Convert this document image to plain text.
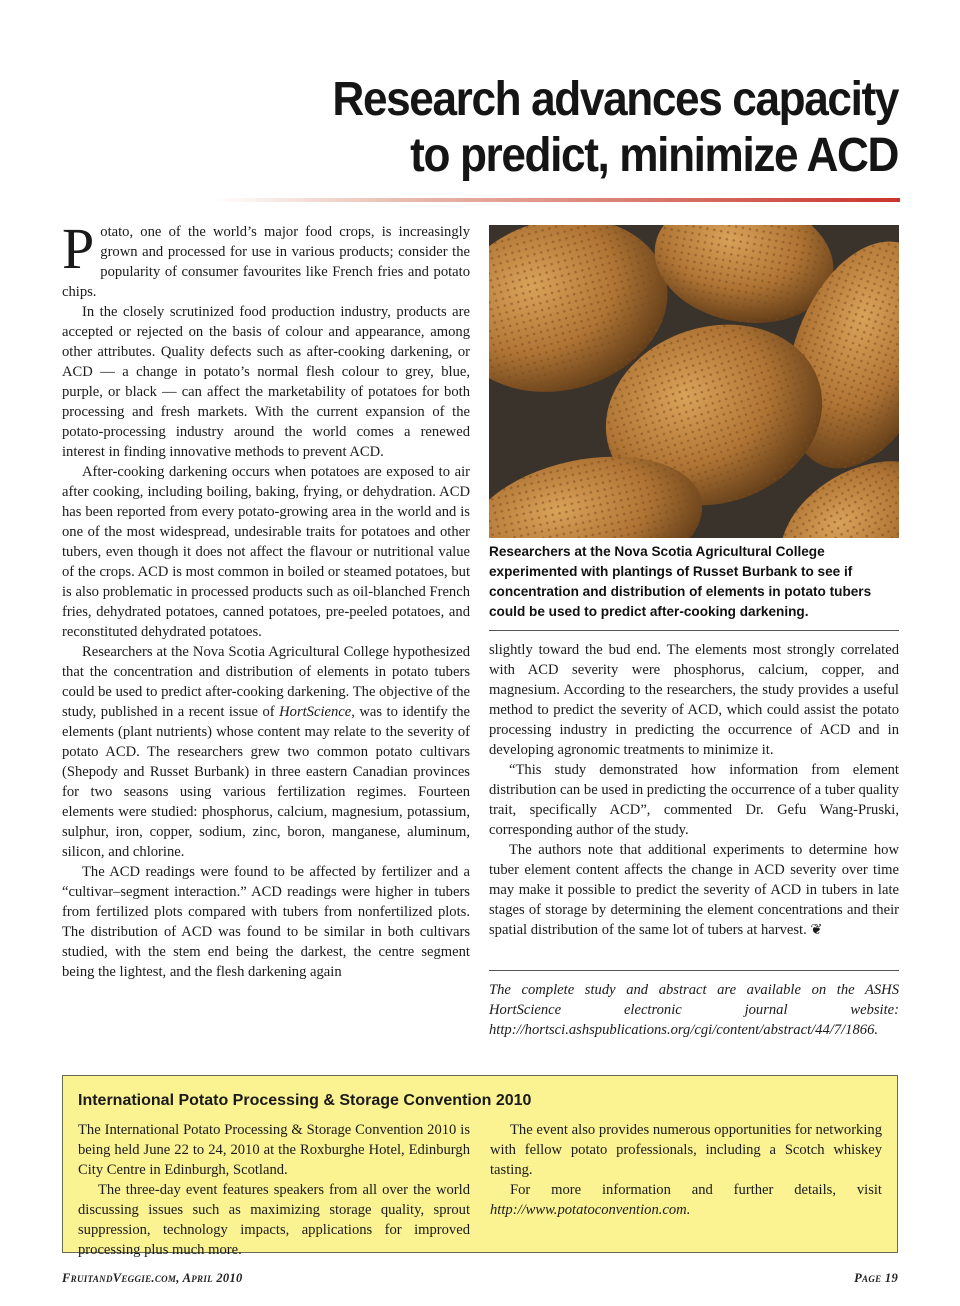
Research advances capacity
to predict, minimize ACD

Potato, one of the world’s major food crops, is increasingly grown and processed for use in various products; consider the popularity of consumer favourites like French fries and potato chips.

In the closely scrutinized food production industry, products are accepted or rejected on the basis of colour and appearance, among other attributes. Quality defects such as after-cooking darkening, or ACD — a change in potato’s normal flesh colour to grey, blue, purple, or black — can affect the marketability of potatoes for both processing and fresh markets. With the current expansion of the potato-processing industry around the world comes a renewed interest in finding innovative methods to prevent ACD.

After-cooking darkening occurs when potatoes are exposed to air after cooking, including boiling, baking, frying, or dehydration. ACD has been reported from every potato-growing area in the world and is one of the most widespread, undesirable traits for potatoes and other tubers, even though it does not affect the flavour or nutritional value of the crops. ACD is most common in boiled or steamed potatoes, but is also problematic in processed products such as oil-blanched French fries, dehydrated potatoes, canned potatoes, pre-peeled potatoes, and reconstituted dehydrated potatoes.

Researchers at the Nova Scotia Agricultural College hypothesized that the concentration and distribution of elements in potato tubers could be used to predict after-cooking darkening. The objective of the study, published in a recent issue of HortScience, was to identify the elements (plant nutrients) whose content may relate to the severity of potato ACD. The researchers grew two common potato cultivars (Shepody and Russet Burbank) in three eastern Canadian provinces for two seasons using various fertilization regimes. Fourteen elements were studied: phosphorus, calcium, magnesium, potassium, sulphur, iron, copper, sodium, zinc, boron, manganese, aluminum, silicon, and chlorine.

The ACD readings were found to be affected by fertilizer and a “cultivar–segment interaction.” ACD readings were higher in tubers from fertilized plots compared with tubers from nonfertilized plots. The distribution of ACD was found to be similar in both cultivars studied, with the stem end being the darkest, the centre segment being the lightest, and the flesh darkening again

Researchers at the Nova Scotia Agricultural College experimented with plantings of Russet Burbank to see if concentration and distribution of elements in potato tubers could be used to predict after-cooking darkening.

slightly toward the bud end. The elements most strongly correlated with ACD severity were phosphorus, calcium, copper, and magnesium. According to the researchers, the study provides a useful method to predict the severity of ACD, which could assist the potato processing industry in predicting the occurrence of ACD and in developing agronomic treatments to minimize it.

“This study demonstrated how information from element distribution can be used in predicting the occurrence of a tuber quality trait, specifically ACD”, commented Dr. Gefu Wang-Pruski, corresponding author of the study.

The authors note that additional experiments to determine how tuber element content affects the change in ACD severity over time may make it possible to predict the severity of ACD in tubers in late stages of storage by determining the element concentrations and their spatial distribution of the same lot of tubers at harvest. ❦

The complete study and abstract are available on the ASHS HortScience electronic journal website: http://hortsci.ashspublications.org/cgi/content/abstract/44/7/1866.

International Potato Processing & Storage Convention 2010

The International Potato Processing & Storage Convention 2010 is being held June 22 to 24, 2010 at the Roxburghe Hotel, Edinburgh City Centre in Edinburgh, Scotland.

The three-day event features speakers from all over the world discussing issues such as maximizing storage quality, sprout suppression, technology impacts, applications for improved processing plus much more.

The event also provides numerous opportunities for networking with fellow potato professionals, including a Scotch whiskey tasting.

For more information and further details, visit http://www.potatoconvention.com.

FruitandVeggie.com, April 2010	Page 19
